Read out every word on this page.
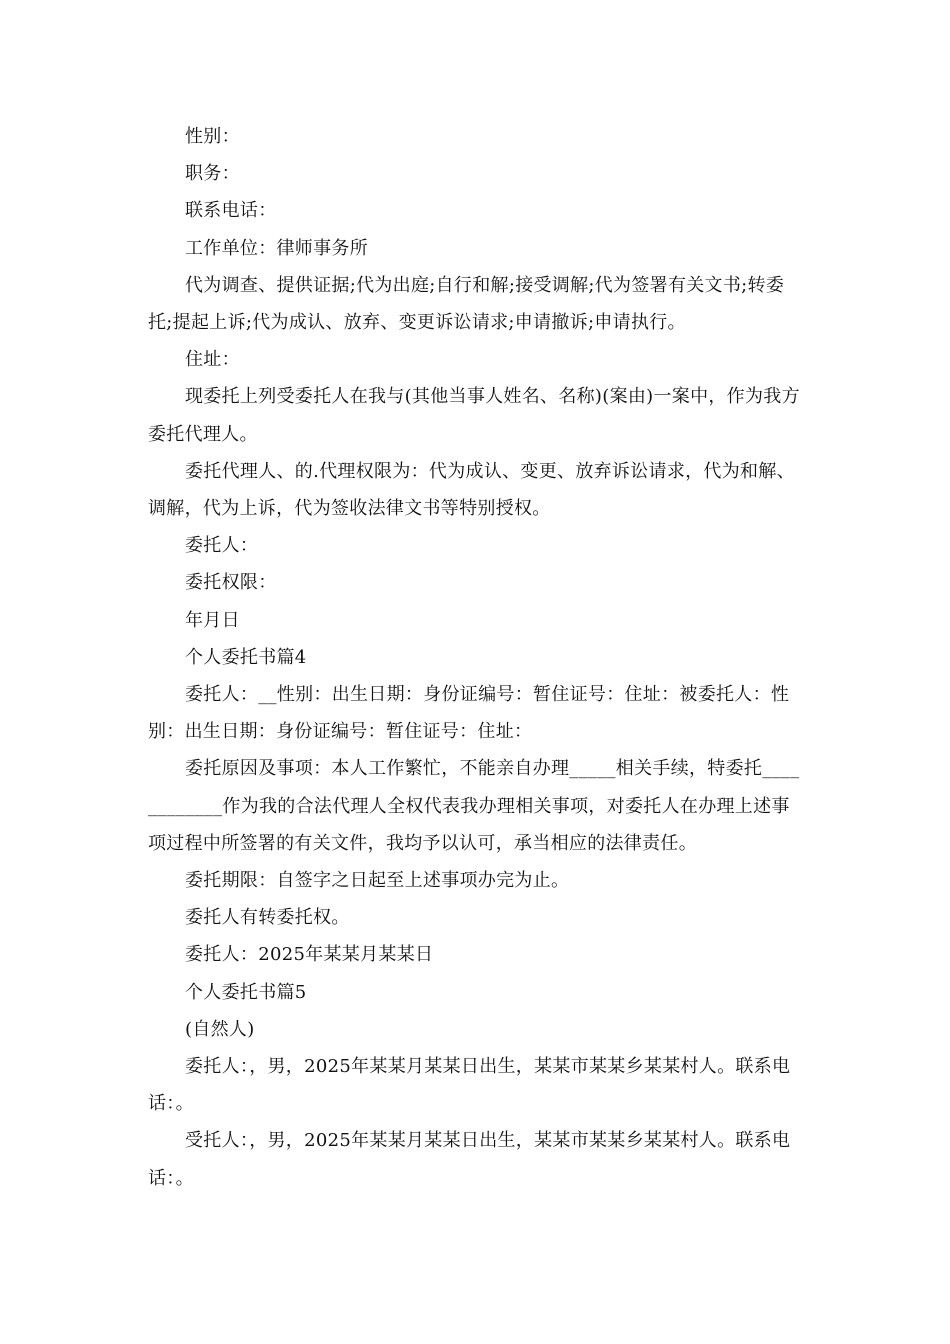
性别：

职务：

联系电话：

工作单位：律师事务所

代为调查、提供证据;代为出庭;自行和解;接受调解;代为签署有关文书;转委托;提起上诉;代为成认、放弃、变更诉讼请求;申请撤诉;申请执行。

住址：

现委托上列受委托人在我与(其他当事人姓名、名称)(案由)一案中，作为我方委托代理人。

委托代理人、的.代理权限为：代为成认、变更、放弃诉讼请求，代为和解、调解，代为上诉，代为签收法律文书等特别授权。

委托人：

委托权限：

年月日

个人委托书篇4

委托人：__性别：出生日期：身份证编号：暂住证号：住址：被委托人：性别：出生日期：身份证编号：暂住证号：住址：

委托原因及事项：本人工作繁忙，不能亲自办理_____相关手续，特委托____________作为我的合法代理人全权代表我办理相关事项，对委托人在办理上述事项过程中所签署的有关文件，我均予以认可，承当相应的法律责任。

委托期限：自签字之日起至上述事项办完为止。

委托人有转委托权。

委托人：2025年某某月某某日

个人委托书篇5

(自然人)

委托人：，男，2025年某某月某某日出生，某某市某某乡某某村人。联系电话：。

受托人：，男，2025年某某月某某日出生，某某市某某乡某某村人。联系电话：。
